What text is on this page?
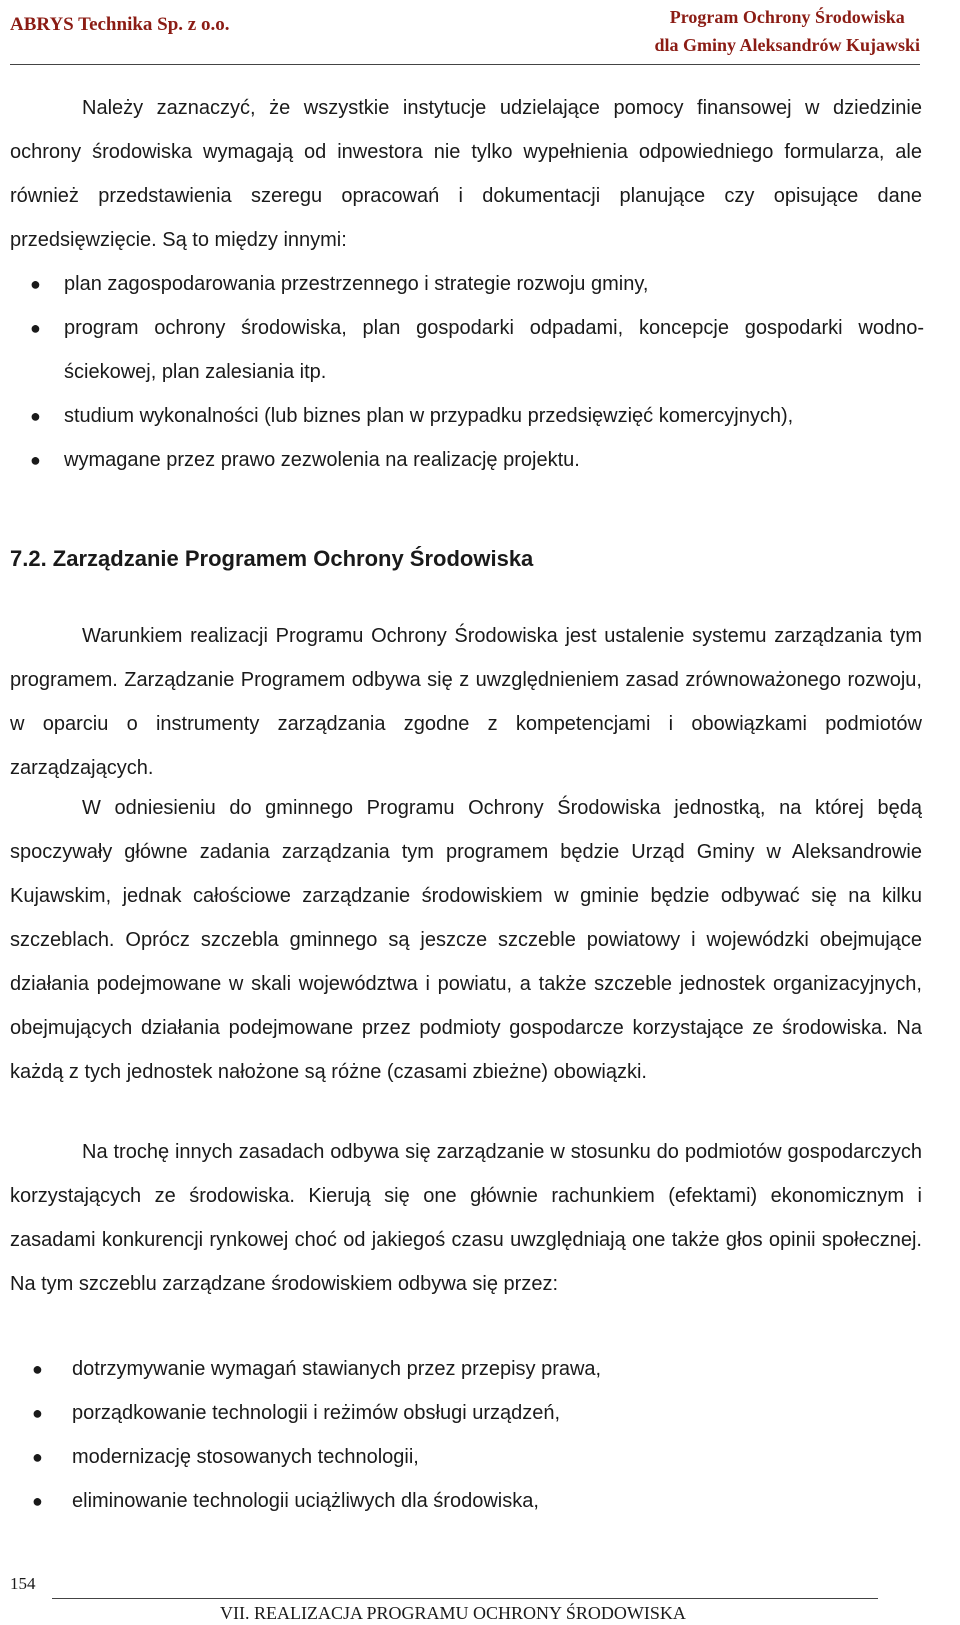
ABRYS Technika Sp. z o.o.	Program Ochrony Środowiska
dla Gminy Aleksandrów Kujawski

Należy zaznaczyć, że wszystkie instytucje udzielające pomocy finansowej w dziedzinie ochrony środowiska wymagają od inwestora nie tylko wypełnienia odpowiedniego formularza, ale również przedstawienia szeregu opracowań i dokumentacji planujące czy opisujące dane przedsięwzięcie. Są to między innymi:

● plan zagospodarowania przestrzennego i strategie rozwoju gminy,
● program ochrony środowiska, plan gospodarki odpadami, koncepcje gospodarki wodno-ściekowej, plan zalesiania itp.
● studium wykonalności (lub biznes plan w przypadku przedsięwzięć komercyjnych),
● wymagane przez prawo zezwolenia na realizację projektu.
7.2. Zarządzanie Programem Ochrony Środowiska

Warunkiem realizacji Programu Ochrony Środowiska jest ustalenie systemu zarządzania tym programem. Zarządzanie Programem odbywa się z uwzględnieniem zasad zrównoważonego rozwoju, w oparciu o instrumenty zarządzania zgodne z kompetencjami i obowiązkami podmiotów zarządzających.

W odniesieniu do gminnego Programu Ochrony Środowiska jednostką, na której będą spoczywały główne zadania zarządzania tym programem będzie Urząd Gminy w Aleksandrowie Kujawskim, jednak całościowe zarządzanie środowiskiem w gminie będzie odbywać się na kilku szczeblach. Oprócz szczebla gminnego są jeszcze szczeble powiatowy i wojewódzki obejmujące działania podejmowane w skali województwa i powiatu, a także szczeble jednostek organizacyjnych, obejmujących działania podejmowane przez podmioty gospodarcze korzystające ze środowiska. Na każdą z tych jednostek nałożone są różne (czasami zbieżne) obowiązki.

Na trochę innych zasadach odbywa się zarządzanie w stosunku do podmiotów gospodarczych korzystających ze środowiska. Kierują się one głównie rachunkiem (efektami) ekonomicznym i zasadami konkurencji rynkowej choć od jakiegoś czasu uwzględniają one także głos opinii społecznej. Na tym szczeblu zarządzane środowiskiem odbywa się przez:

● dotrzymywanie wymagań stawianych przez przepisy prawa,
● porządkowanie technologii i reżimów obsługi urządzeń,
● modernizację stosowanych technologii,
● eliminowanie technologii uciążliwych dla środowiska,
154
VII. REALIZACJA PROGRAMU OCHRONY ŚRODOWISKA
